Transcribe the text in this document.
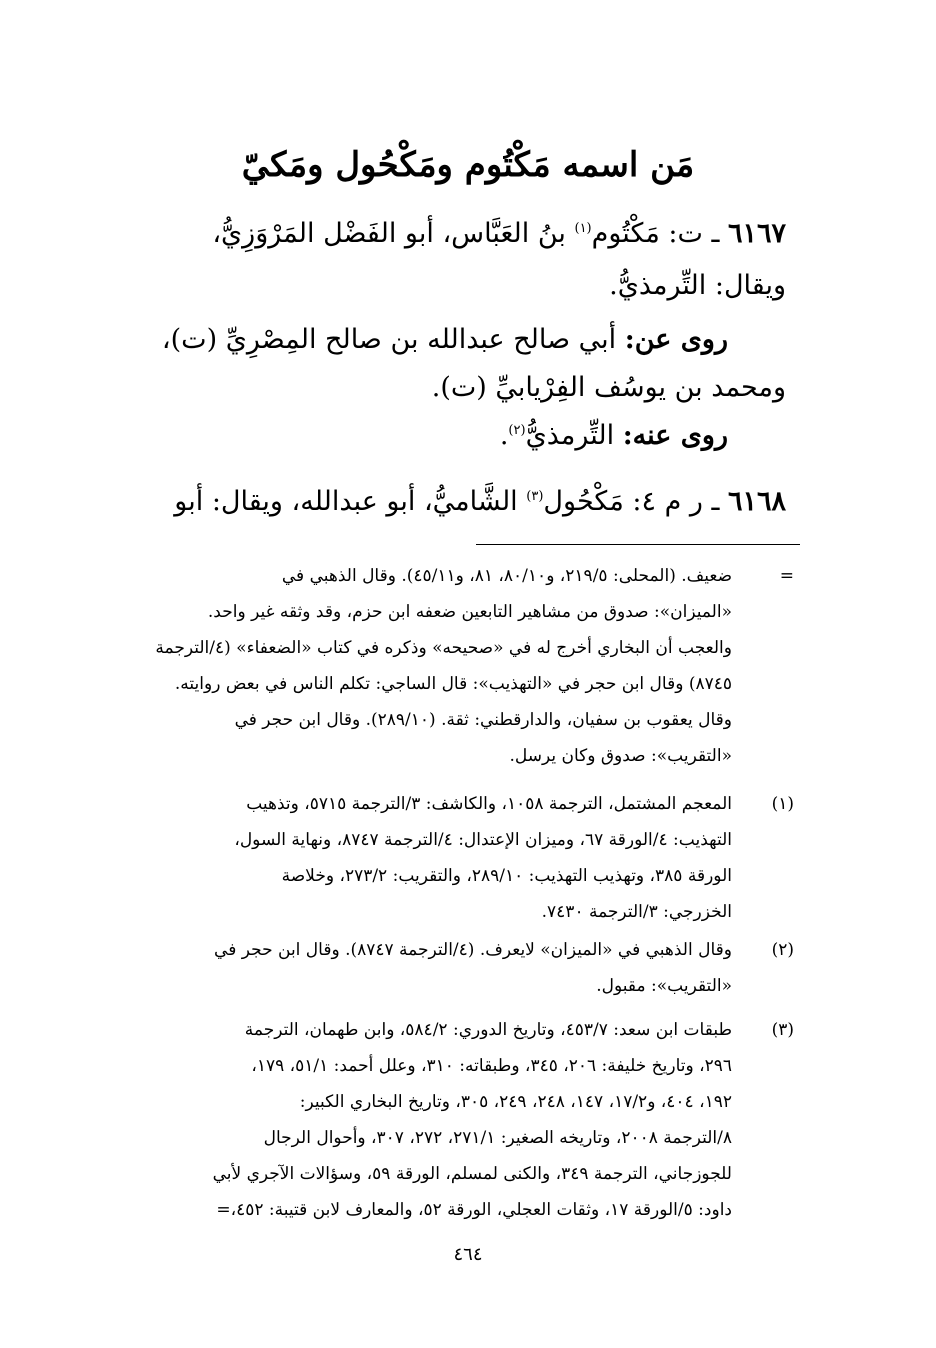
مَن اسمه مَكْتُوم ومَكْحُول ومَكيّ
٦١٦٧ ـ ت: مَكْتُوم$^{(١)}$ بنُ العَبَّاس، أبو الفَضْل المَرْوَزِيُّ،
ويقال: التِّرمذيُّ.
روى عن: أبي صالح عبدالله بن صالح المِصْرِيِّ (ت)،
ومحمد بن يوسُف الفِرْيابيِّ (ت).
روى عنه: التِّرمذيُّ$^{(٢)}$.
٦١٦٨ ـ ر م ٤: مَكْحُول$^{(٣)}$ الشَّاميُّ، أبو عبدالله، ويقال: أبو
=
ضعيف. (المحلى: ٢١٩/٥، و٨٠/١٠، ٨١، و٤٥/١١). وقال الذهبي في
«الميزان»: صدوق من مشاهير التابعين ضعفه ابن حزم، وقد وثقه غير واحد.
والعجب أن البخاري أخرج له في «صحيحه» وذكره في كتاب «الضعفاء» (٤/الترجمة
٨٧٤٥) وقال ابن حجر في «التهذيب»: قال الساجي: تكلم الناس في بعض روايته.
وقال يعقوب بن سفيان، والدارقطني: ثقة. (٢٨٩/١٠). وقال ابن حجر في
«التقريب»: صدوق وكان يرسل.
(١)
المعجم المشتمل، الترجمة ١٠٥٨، والكاشف: ٣/الترجمة ٥٧١٥، وتذهيب
التهذيب: ٤/الورقة ٦٧، وميزان الإعتدال: ٤/الترجمة ٨٧٤٧، ونهاية السول،
الورقة ٣٨٥، وتهذيب التهذيب: ٢٨٩/١٠، والتقريب: ٢٧٣/٢، وخلاصة
الخزرجي: ٣/الترجمة ٧٤٣٠.
(٢)
وقال الذهبي في «الميزان» لايعرف. (٤/الترجمة ٨٧٤٧). وقال ابن حجر في
«التقريب»: مقبول.
(٣)
طبقات ابن سعد: ٤٥٣/٧، وتاريخ الدوري: ٥٨٤/٢، وابن طهمان، الترجمة
٢٩٦، وتاريخ خليفة: ٢٠٦، ٣٤٥، وطبقاته: ٣١٠، وعلل أحمد: ٥١/١، ١٧٩،
١٩٢، ٤٠٤، و١٧/٢، ١٤٧، ٢٤٨، ٢٤٩، ٣٠٥، وتاريخ البخاري الكبير:
٨/الترجمة ٢٠٠٨، وتاريخه الصغير: ٢٧١/١، ٢٧٢، ٣٠٧، وأحوال الرجال
للجوزجاني، الترجمة ٣٤٩، والكنى لمسلم، الورقة ٥٩، وسؤالات الآجري لأبي
داود: ٥/الورقة ١٧، وثقات العجلي، الورقة ٥٢، والمعارف لابن قتيبة: ٤٥٢،=
٤٦٤
